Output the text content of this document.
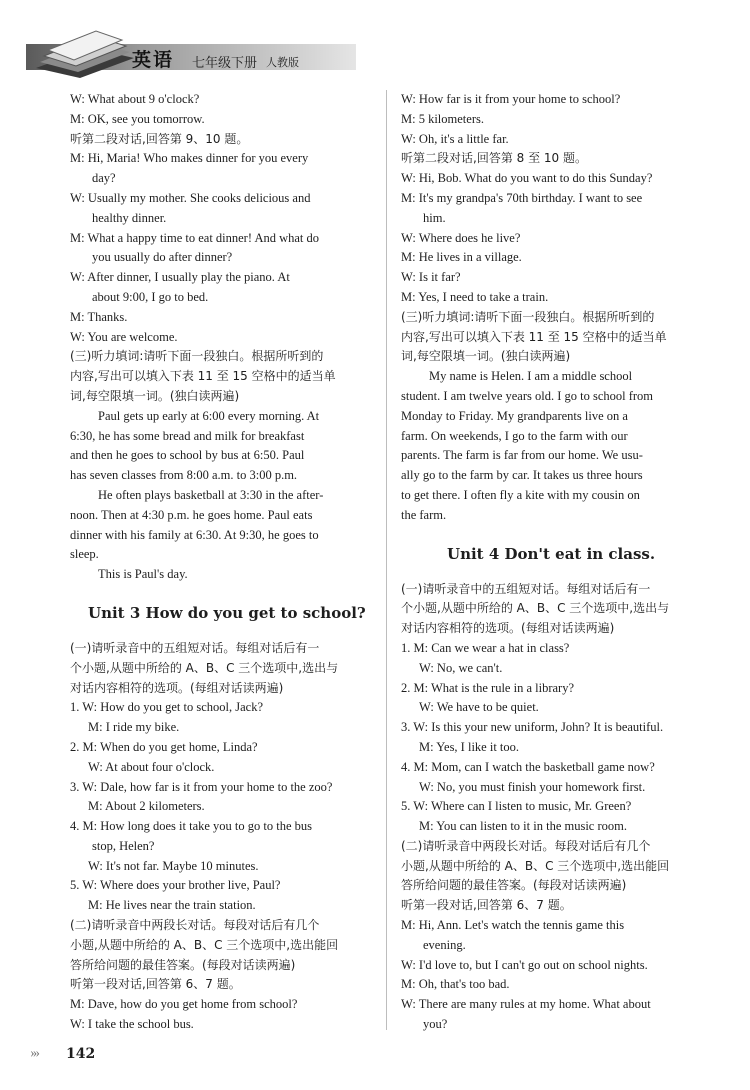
英语 七年级下册 人教版
W: What about 9 o'clock?
M: OK, see you tomorrow.
听第二段对话,回答第 9、10 题。
M: Hi, Maria! Who makes dinner for you every
day?
W: Usually my mother. She cooks delicious and
healthy dinner.
M: What a happy time to eat dinner! And what do
you usually do after dinner?
W: After dinner, I usually play the piano. At
about 9:00, I go to bed.
M: Thanks.
W: You are welcome.
(三)听力填词:请听下面一段独白。根据所听到的
内容,写出可以填入下表 11 至 15 空格中的适当单
词,每空限填一词。(独白读两遍)
Paul gets up early at 6:00 every morning. At
6:30, he has some bread and milk for breakfast
and then he goes to school by bus at 6:50. Paul
has seven classes from 8:00 a.m. to 3:00 p.m.
He often plays basketball at 3:30 in the after-
noon. Then at 4:30 p.m. he goes home. Paul eats
dinner with his family at 6:30. At 9:30, he goes to
sleep.
This is Paul's day.
Unit 3 How do you get to school?
(一)请听录音中的五组短对话。每组对话后有一
个小题,从题中所给的 A、B、C 三个选项中,选出与
对话内容相符的选项。(每组对话读两遍)
1. W: How do you get to school, Jack?
M: I ride my bike.
2. M: When do you get home, Linda?
W: At about four o'clock.
3. W: Dale, how far is it from your home to the zoo?
M: About 2 kilometers.
4. M: How long does it take you to go to the bus
stop, Helen?
W: It's not far. Maybe 10 minutes.
5. W: Where does your brother live, Paul?
M: He lives near the train station.
(二)请听录音中两段长对话。每段对话后有几个
小题,从题中所给的 A、B、C 三个选项中,选出能回
答所给问题的最佳答案。(每段对话读两遍)
听第一段对话,回答第 6、7 题。
M: Dave, how do you get home from school?
W: I take the school bus.
W: How far is it from your home to school?
M: 5 kilometers.
W: Oh, it's a little far.
听第二段对话,回答第 8 至 10 题。
W: Hi, Bob. What do you want to do this Sunday?
M: It's my grandpa's 70th birthday. I want to see
him.
W: Where does he live?
M: He lives in a village.
W: Is it far?
M: Yes, I need to take a train.
(三)听力填词:请听下面一段独白。根据所听到的
内容,写出可以填入下表 11 至 15 空格中的适当单
词,每空限填一词。(独白读两遍)
My name is Helen. I am a middle school
student. I am twelve years old. I go to school from
Monday to Friday. My grandparents live on a
farm. On weekends, I go to the farm with our
parents. The farm is far from our home. We usu-
ally go to the farm by car. It takes us three hours
to get there. I often fly a kite with my cousin on
the farm.
Unit 4 Don't eat in class.
(一)请听录音中的五组短对话。每组对话后有一
个小题,从题中所给的 A、B、C 三个选项中,选出与
对话内容相符的选项。(每组对话读两遍)
1. M: Can we wear a hat in class?
W: No, we can't.
2. M: What is the rule in a library?
W: We have to be quiet.
3. W: Is this your new uniform, John? It is beautiful.
M: Yes, I like it too.
4. M: Mom, can I watch the basketball game now?
W: No, you must finish your homework first.
5. W: Where can I listen to music, Mr. Green?
M: You can listen to it in the music room.
(二)请听录音中两段长对话。每段对话后有几个
小题,从题中所给的 A、B、C 三个选项中,选出能回
答所给问题的最佳答案。(每段对话读两遍)
听第一段对话,回答第 6、7 题。
M: Hi, Ann. Let's watch the tennis game this
evening.
W: I'd love to, but I can't go out on school nights.
M: Oh, that's too bad.
W: There are many rules at my home. What about
you?
››› 142
